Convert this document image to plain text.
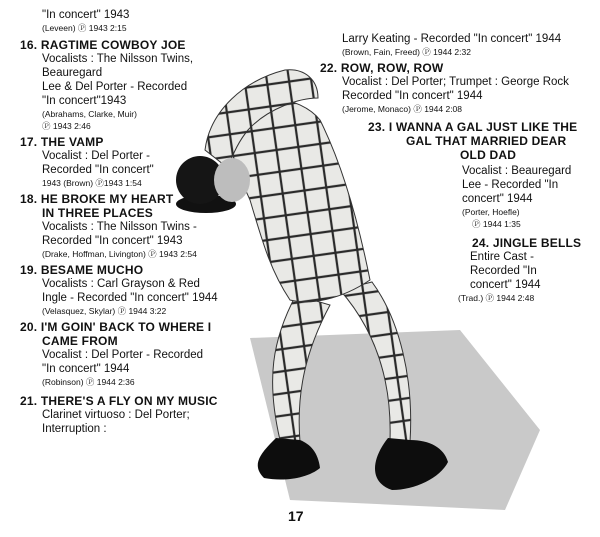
"In concert" 1943
(Leveen) Ⓟ 1943 2:15
16. RAGTIME COWBOY JOE
Vocalists : The Nilsson Twins,
Beauregard
Lee & Del Porter - Recorded
"In concert"1943
(Abrahams, Clarke, Muir)
Ⓟ 1943 2:46
17. THE VAMP
Vocalist : Del Porter -
Recorded "In concert"
1943 (Brown) Ⓟ1943 1:54
18. HE BROKE MY HEART
IN THREE PLACES
Vocalists : The Nilsson Twins -
Recorded "In concert" 1943
(Drake, Hoffman, Livington) Ⓟ 1943 2:54
19. BESAME MUCHO
Vocalists : Carl Grayson & Red
Ingle - Recorded "In concert" 1944
(Velasquez, Skylar) Ⓟ 1944 3:22
20. I'M GOIN' BACK TO WHERE I
CAME FROM
Vocalist : Del Porter - Recorded
"In concert" 1944
(Robinson) Ⓟ 1944 2:36
21. THERE'S A FLY ON MY MUSIC
Clarinet virtuoso : Del Porter;
Interruption :
Larry Keating - Recorded "In concert" 1944
(Brown, Fain, Freed) Ⓟ 1944 2:32
22. ROW, ROW, ROW
Vocalist : Del Porter; Trumpet : George Rock
Recorded "In concert" 1944
(Jerome, Monaco) Ⓟ 1944 2:08
23. I WANNA A GAL JUST LIKE THE
GAL THAT MARRIED DEAR
OLD DAD
Vocalist : Beauregard
Lee - Recorded "In
concert" 1944
(Porter, Hoefle)
Ⓟ 1944 1:35
24. JINGLE BELLS
Entire Cast -
Recorded "In
concert" 1944
(Trad.) Ⓟ 1944 2:48
17
